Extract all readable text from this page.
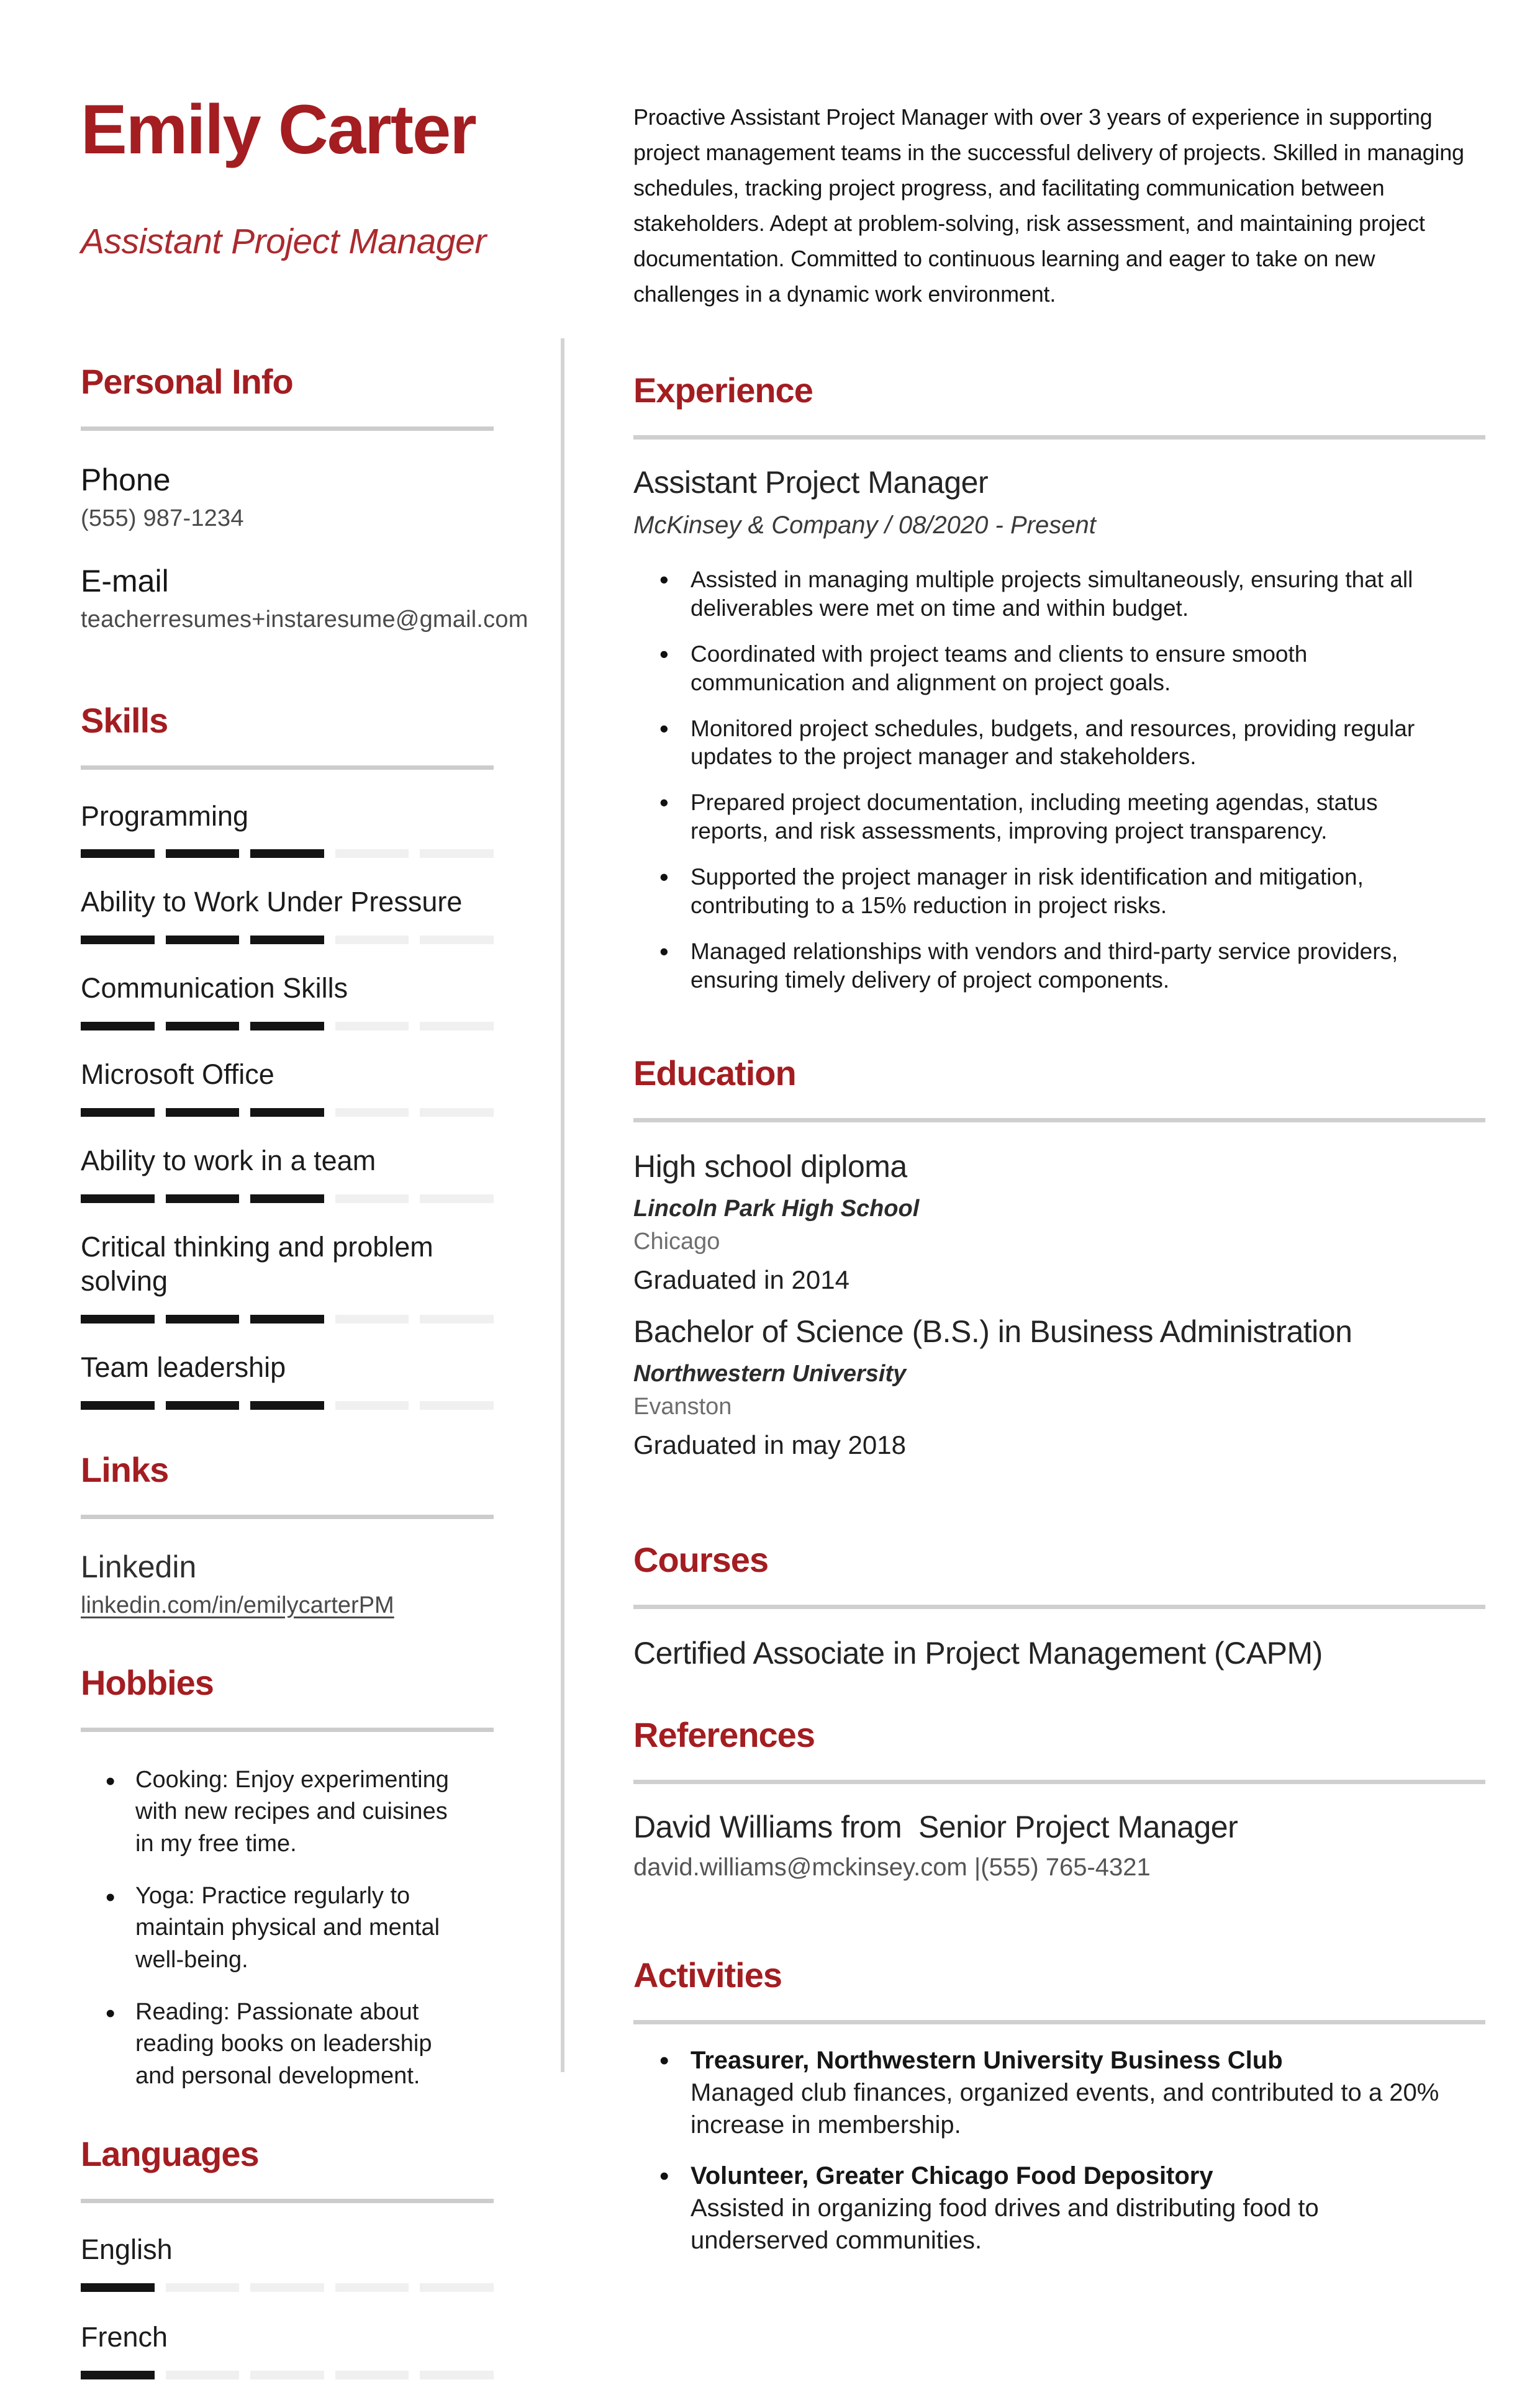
Emily Carter
Assistant Project Manager
Personal Info
Phone
(555) 987-1234
E-mail
teacherresumes+instaresume@gmail.com
Skills
Programming
Ability to Work Under Pressure
Communication Skills
Microsoft Office
Ability to work in a team
Critical thinking and problem solving
Team leadership
Links
Linkedin
linkedin.com/in/emilycarterPM
Hobbies
• Cooking: Enjoy experimenting with new recipes and cuisines in my free time.
• Yoga: Practice regularly to maintain physical and mental well-being.
• Reading: Passionate about reading books on leadership and personal development.
Languages
English
French
Proactive Assistant Project Manager with over 3 years of experience in supporting project management teams in the successful delivery of projects. Skilled in managing schedules, tracking project progress, and facilitating communication between stakeholders. Adept at problem-solving, risk assessment, and maintaining project documentation. Committed to continuous learning and eager to take on new challenges in a dynamic work environment.
Experience
Assistant Project Manager
McKinsey & Company / 08/2020 - Present
• Assisted in managing multiple projects simultaneously, ensuring that all deliverables were met on time and within budget.
• Coordinated with project teams and clients to ensure smooth communication and alignment on project goals.
• Monitored project schedules, budgets, and resources, providing regular updates to the project manager and stakeholders.
• Prepared project documentation, including meeting agendas, status reports, and risk assessments, improving project transparency.
• Supported the project manager in risk identification and mitigation, contributing to a 15% reduction in project risks.
• Managed relationships with vendors and third-party service providers, ensuring timely delivery of project components.
Education
High school diploma
Lincoln Park High School
Chicago
Graduated in 2014
Bachelor of Science (B.S.) in Business Administration
Northwestern University
Evanston
Graduated in may 2018
Courses
Certified Associate in Project Management (CAPM)
References
David Williams from  Senior Project Manager
david.williams@mckinsey.com |(555) 765-4321
Activities
• Treasurer, Northwestern University Business Club
Managed club finances, organized events, and contributed to a 20% increase in membership.
• Volunteer, Greater Chicago Food Depository
Assisted in organizing food drives and distributing food to underserved communities.
